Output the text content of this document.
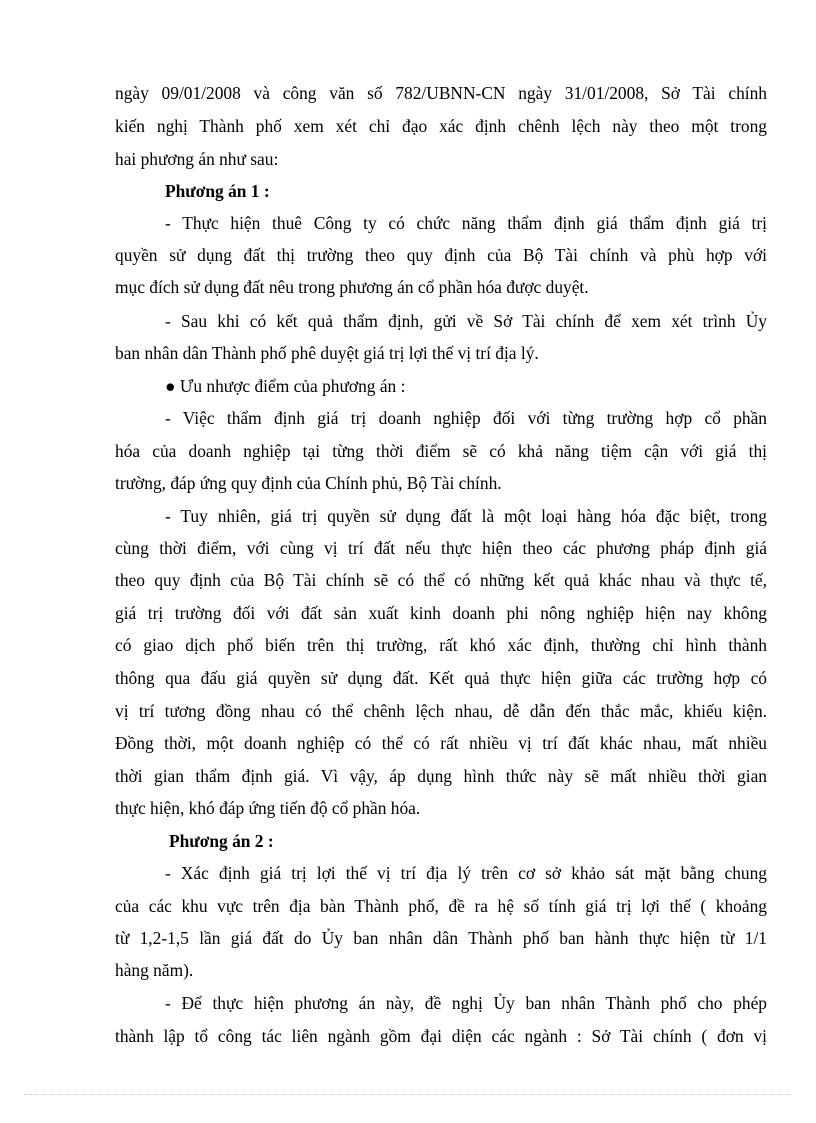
ngày 09/01/2008 và công văn số 782/UBNN-CN ngày 31/01/2008, Sở Tài chính
kiến nghị Thành phố xem xét chỉ đạo xác định chênh lệch này theo một trong
hai phương án như sau:
Phương án 1 :
- Thực hiện thuê Công ty có chức năng thẩm định giá thẩm định giá trị
quyền sử dụng đất thị trường theo quy định của Bộ Tài chính và phù hợp với
mục đích sử dụng đất nêu trong phương án cổ phần hóa được duyệt.
- Sau khi có kết quả thẩm định, gửi về Sở Tài chính để xem xét trình Ủy
ban nhân dân Thành phố phê duyệt giá trị lợi thế vị trí địa lý.
● Ưu nhược điểm của phương án :
- Việc thẩm định giá trị doanh nghiệp đối với từng trường hợp cổ phần
hóa của doanh nghiệp tại từng thời điểm sẽ có khả năng tiệm cận với giá thị
trường, đáp ứng quy định của Chính phủ, Bộ Tài chính.
- Tuy nhiên, giá trị quyền sử dụng đất là một loại hàng hóa đặc biệt, trong
cùng thời điểm, với cùng vị trí đất nếu thực hiện theo các phương pháp định giá
theo quy định của Bộ Tài chính sẽ có thể có những kết quả khác nhau và thực tế,
giá trị trường đối với đất sản xuất kinh doanh phi nông nghiệp hiện nay không
có giao dịch phổ biến trên thị trường, rất khó xác định, thường chỉ hình thành
thông qua đấu giá quyền sử dụng đất. Kết quả thực hiện giữa các trường hợp có
vị trí tương đồng nhau có thể chênh lệch nhau, dễ dẫn đến thắc mắc, khiếu kiện.
Đồng thời, một doanh nghiệp có thể có rất nhiều vị trí đất khác nhau, mất nhiều
thời gian thẩm định giá. Vì vậy, áp dụng hình thức này sẽ mất nhiều thời gian
thực hiện, khó đáp ứng tiến độ cổ phần hóa.
Phương án 2 :
- Xác định giá trị lợi thế vị trí địa lý trên cơ sở khảo sát mặt bằng chung
của các khu vực trên địa bàn Thành phố, đề ra hệ số tính giá trị lợi thế ( khoảng
từ 1,2-1,5 lần giá đất do Ủy ban nhân dân Thành phố ban hành thực hiện từ 1/1
hàng năm).
- Để thực hiện phương án này, đề nghị Ủy ban nhân Thành phố cho phép
thành lập tổ công tác liên ngành gồm đại diện các ngành : Sở Tài chính ( đơn vị
